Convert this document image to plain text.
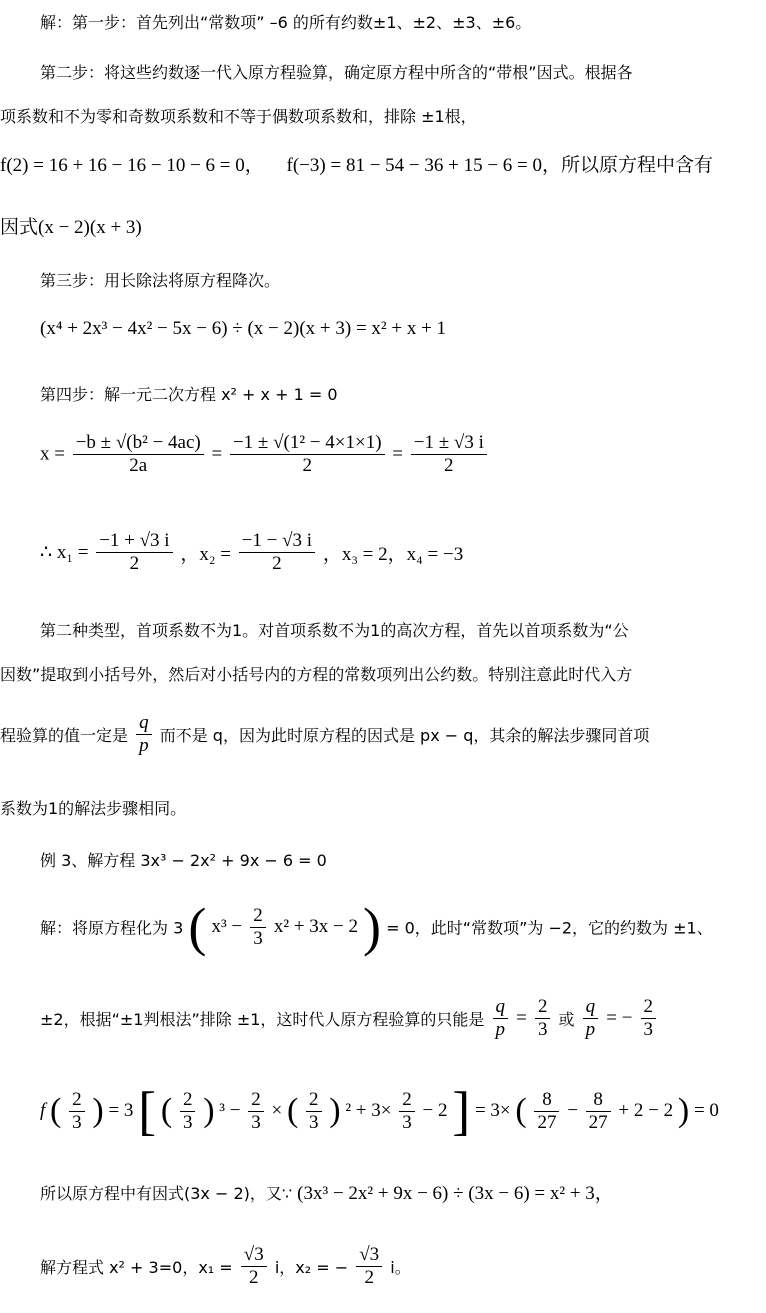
解：第一步：首先列出“常数项” –6 的所有约数±1、±2、±3、±6。
第二步：将这些约数逐一代入原方程验算，确定原方程中所含的“带根”因式。根据各
项系数和不为零和奇数项系数和不等于偶数项系数和，排除 ±1根，
f(2) = 16 + 16 − 16 − 10 − 6 = 0， f(−3) = 81 − 54 − 36 + 15 − 6 = 0，所以原方程中含有
因式(x − 2)(x + 3)
第三步：用长除法将原方程降次。
(x⁴ + 2x³ − 4x² − 5x − 6) ÷ (x − 2)(x + 3) = x² + x + 1
第四步：解一元二次方程 x² + x + 1 = 0
$x = \frac{\text{−b ± √(b² − 4ac)}}{2a} = \frac{\text{−1 ± √(1² − 4×1×1)}}{2} = \frac{-1 \pm √3 i}{2}$
∴ $x_1 = \frac{-1 + √3 i}{2}$ ，$x_2 = \frac{-1 - √3 i}{2}$ ，x₃ = 2，x₄ = −3
第二种类型，首项系数不为1。对首项系数不为1的高次方程，首先以首项系数为“公
因数”提取到小括号外，然后对小括号内的方程的常数项列出公约数。特别注意此时代入方
程验算的值一定是 $\frac{q}{p}$ 而不是 q，因为此时原方程的因式是 px − q，其余的解法步骤同首项
系数为1的解法步骤相同。
例 3、解方程 3x³ − 2x² + 9x − 6 = 0
解：将原方程化为 3 ( $x^3 - \frac{2}{3} x^2 + 3x - 2$ ) = 0，此时“常数项”为 −2，它的约数为 ±1、
±2，根据“±1判根法”排除 ±1，这时代人原方程验算的只能是 $\frac{q}{p} = \frac{2}{3}$ 或 $\frac{q}{p}$ = − $\frac{2}{3}$
f ( $\frac{2}{3}$ ) = 3 [ ( $\frac{2}{3}$ ) $^3 - \frac{2}{3}$ × ( $\frac{2}{3}$ ) $^2 + 3\times \frac{2}{3} - 2$ ] = 3× ( $\frac{8}{27} - \frac{8}{27} + 2 - 2$ ) = 0
所以原方程中有因式(3x − 2)，又∵ (3x³ − 2x² + 9x − 6) ÷ (3x − 6) = x² + 3，
解方程式 x² + 3=0，$x_1 = \frac{√3}{2}$ i，x₂ = − $\frac{√3}{2}$ i。
